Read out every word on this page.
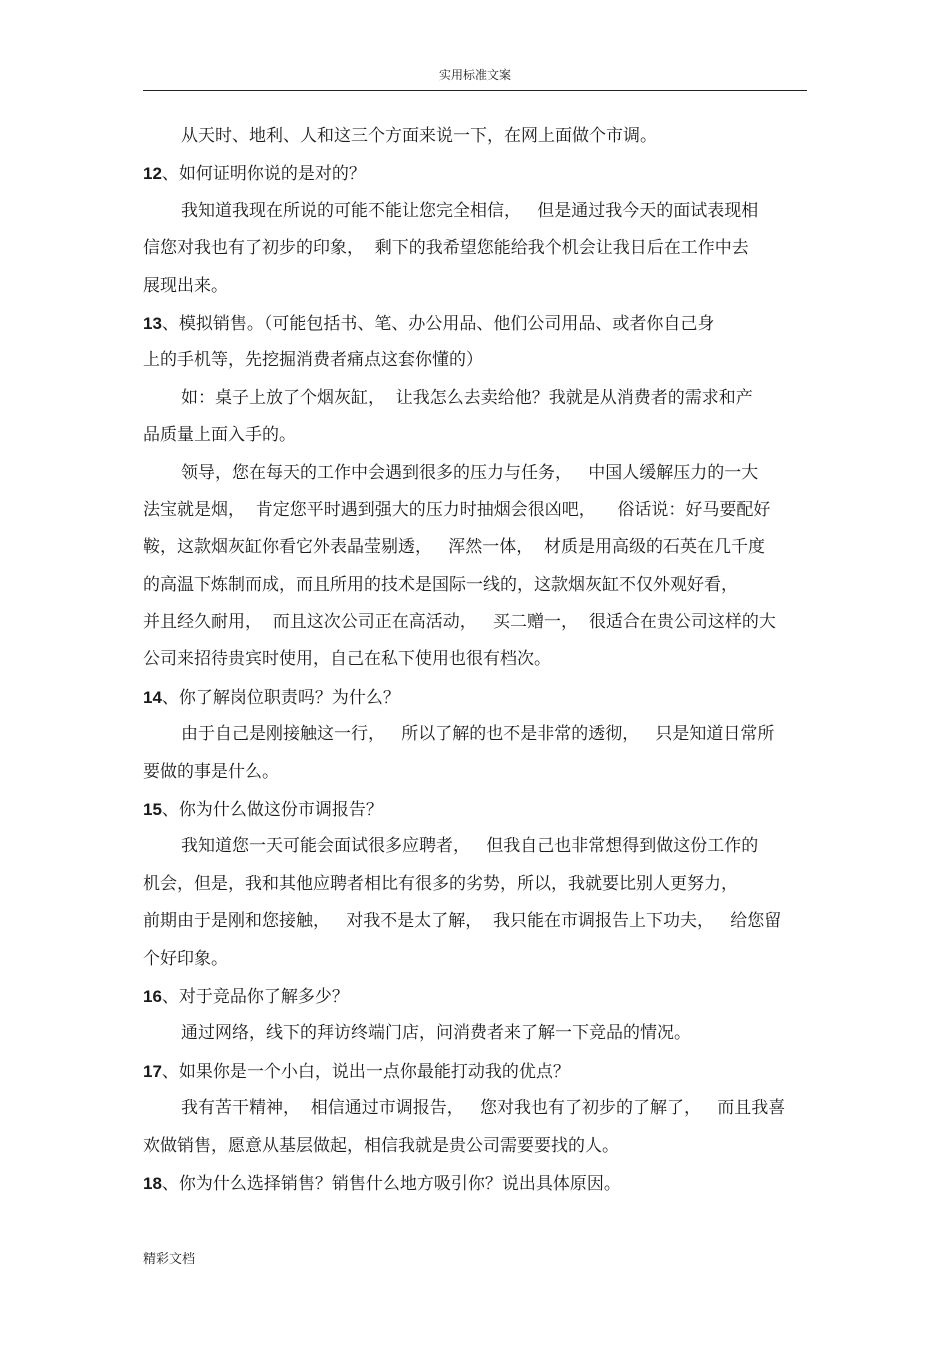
实用标准文案
从天时、地利、人和这三个方面来说一下，在网上面做个市调。
12、如何证明你说的是对的？
我知道我现在所说的可能不能让您完全相信，   但是通过我今天的面试表现相
信您对我也有了初步的印象，  剩下的我希望您能给我个机会让我日后在工作中去
展现出来。
13、模拟销售。（可能包括书、笔、办公用品、他们公司用品、或者你自己身
上的手机等，先挖掘消费者痛点这套你懂的）
如：桌子上放了个烟灰缸，  让我怎么去卖给他？我就是从消费者的需求和产
品质量上面入手的。
领导，您在每天的工作中会遇到很多的压力与任务，   中国人缓解压力的一大
法宝就是烟，  肯定您平时遇到强大的压力时抽烟会很凶吧，    俗话说：好马要配好
鞍，这款烟灰缸你看它外表晶莹剔透，   浑然一体，  材质是用高级的石英在几千度
的高温下炼制而成，而且所用的技术是国际一线的，这款烟灰缸不仅外观好看，
并且经久耐用，  而且这次公司正在高活动，   买二赠一，  很适合在贵公司这样的大
公司来招待贵宾时使用，自己在私下使用也很有档次。
14、你了解岗位职责吗？为什么？
由于自己是刚接触这一行，   所以了解的也不是非常的透彻，   只是知道日常所
要做的事是什么。
15、你为什么做这份市调报告？
我知道您一天可能会面试很多应聘者，   但我自己也非常想得到做这份工作的
机会，但是，我和其他应聘者相比有很多的劣势，所以，我就要比别人更努力，
前期由于是刚和您接触，   对我不是太了解，  我只能在市调报告上下功夫，   给您留
个好印象。
16、对于竞品你了解多少？
通过网络，线下的拜访终端门店，问消费者来了解一下竞品的情况。
17、如果你是一个小白，说出一点你最能打动我的优点？
我有苦干精神，  相信通过市调报告，   您对我也有了初步的了解了，   而且我喜
欢做销售，愿意从基层做起，相信我就是贵公司需要要找的人。
18、你为什么选择销售？销售什么地方吸引你？说出具体原因。
精彩文档
